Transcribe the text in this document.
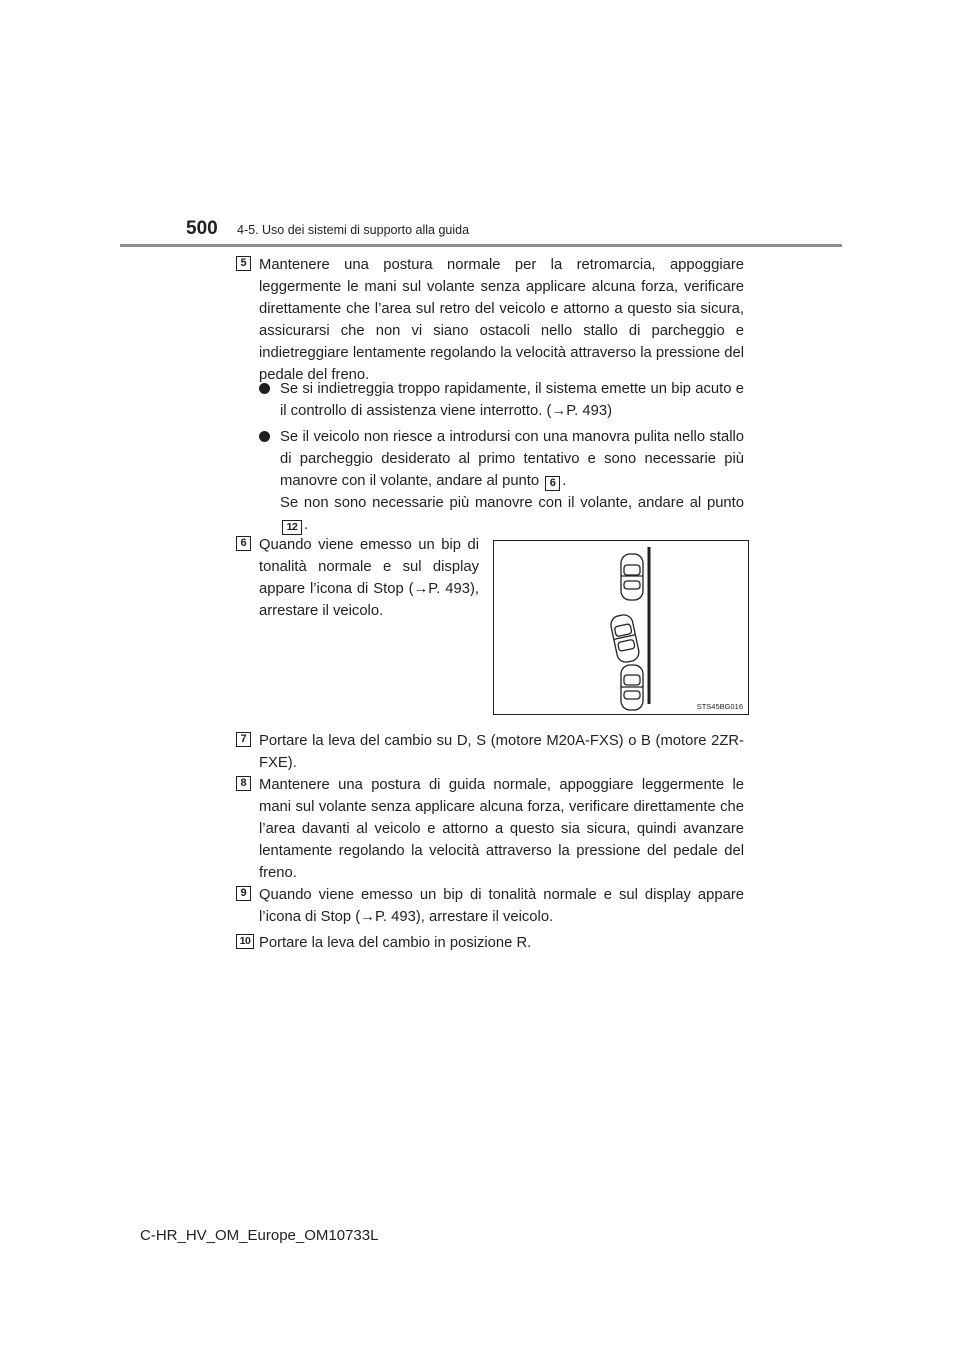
500 4-5. Uso dei sistemi di supporto alla guida
5 Mantenere una postura normale per la retromarcia, appoggiare leggermente le mani sul volante senza applicare alcuna forza, verificare direttamente che l’area sul retro del veicolo e attorno a questo sia sicura, assicurarsi che non vi siano ostacoli nello stallo di parcheggio e indietreggiare lentamente regolando la velocità attraverso la pressione del pedale del freno.
Se si indietreggia troppo rapidamente, il sistema emette un bip acuto e il controllo di assistenza viene interrotto. (→P. 493)
Se il veicolo non riesce a introdursi con una manovra pulita nello stallo di parcheggio desiderato al primo tentativo e sono necessarie più manovre con il volante, andare al punto 6 .
Se non sono necessarie più manovre con il volante, andare al punto 12 .
6 Quando viene emesso un bip di tonalità normale e sul display appare l’icona di Stop (→P. 493), arrestare il veicolo.
STS45BG016
7 Portare la leva del cambio su D, S (motore M20A-FXS) o B (motore 2ZR-FXE).
8 Mantenere una postura di guida normale, appoggiare leggermente le mani sul volante senza applicare alcuna forza, verificare direttamente che l’area davanti al veicolo e attorno a questo sia sicura, quindi avanzare lentamente regolando la velocità attraverso la pressione del pedale del freno.
9 Quando viene emesso un bip di tonalità normale e sul display appare l’icona di Stop (→P. 493), arrestare il veicolo.
10 Portare la leva del cambio in posizione R.
C-HR_HV_OM_Europe_OM10733L
